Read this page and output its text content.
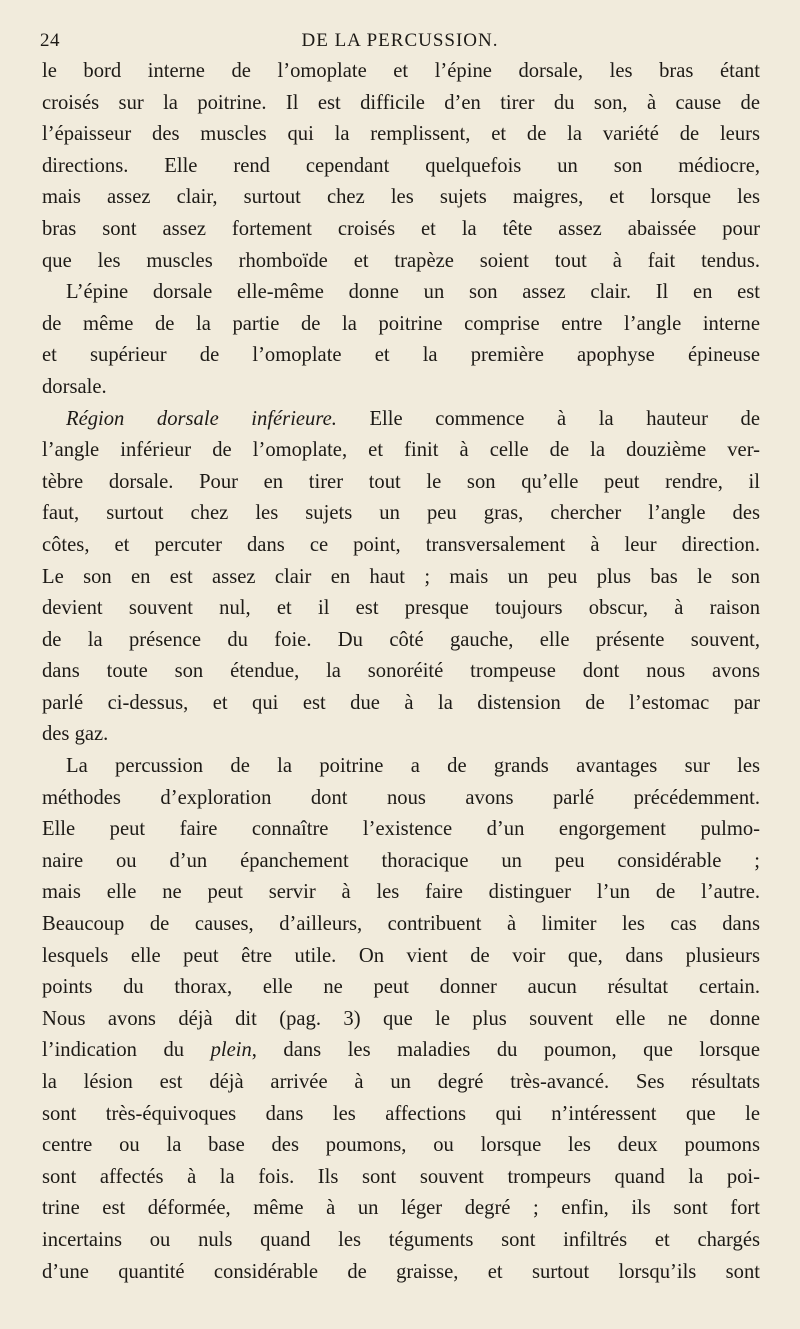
24	DE LA PERCUSSION.
le bord interne de l’omoplate et l’épine dorsale, les bras étant
croisés sur la poitrine. Il est difficile d’en tirer du son, à cause de
l’épaisseur des muscles qui la remplissent, et de la variété de leurs
directions. Elle rend cependant quelquefois un son médiocre,
mais assez clair, surtout chez les sujets maigres, et lorsque les
bras sont assez fortement croisés et la tête assez abaissée pour
que les muscles rhomboïde et trapèze soient tout à fait tendus.
L’épine dorsale elle-même donne un son assez clair. Il en est
de même de la partie de la poitrine comprise entre l’angle interne
et supérieur de l’omoplate et la première apophyse épineuse
dorsale.
Région dorsale inférieure. Elle commence à la hauteur de
l’angle inférieur de l’omoplate, et finit à celle de la douzième ver-
tèbre dorsale. Pour en tirer tout le son qu’elle peut rendre, il
faut, surtout chez les sujets un peu gras, chercher l’angle des
côtes, et percuter dans ce point, transversalement à leur direction.
Le son en est assez clair en haut ; mais un peu plus bas le son
devient souvent nul, et il est presque toujours obscur, à raison
de la présence du foie. Du côté gauche, elle présente souvent,
dans toute son étendue, la sonoréité trompeuse dont nous avons
parlé ci-dessus, et qui est due à la distension de l’estomac par
des gaz.
La percussion de la poitrine a de grands avantages sur les
méthodes d’exploration dont nous avons parlé précédemment.
Elle peut faire connaître l’existence d’un engorgement pulmo-
naire ou d’un épanchement thoracique un peu considérable ;
mais elle ne peut servir à les faire distinguer l’un de l’autre.
Beaucoup de causes, d’ailleurs, contribuent à limiter les cas dans
lesquels elle peut être utile. On vient de voir que, dans plusieurs
points du thorax, elle ne peut donner aucun résultat certain.
Nous avons déjà dit (pag. 3) que le plus souvent elle ne donne
l’indication du plein, dans les maladies du poumon, que lorsque
la lésion est déjà arrivée à un degré très-avancé. Ses résultats
sont très-équivoques dans les affections qui n’intéressent que le
centre ou la base des poumons, ou lorsque les deux poumons
sont affectés à la fois. Ils sont souvent trompeurs quand la poi-
trine est déformée, même à un léger degré ; enfin, ils sont fort
incertains ou nuls quand les téguments sont infiltrés et chargés
d’une quantité considérable de graisse, et surtout lorsqu’ils sont
